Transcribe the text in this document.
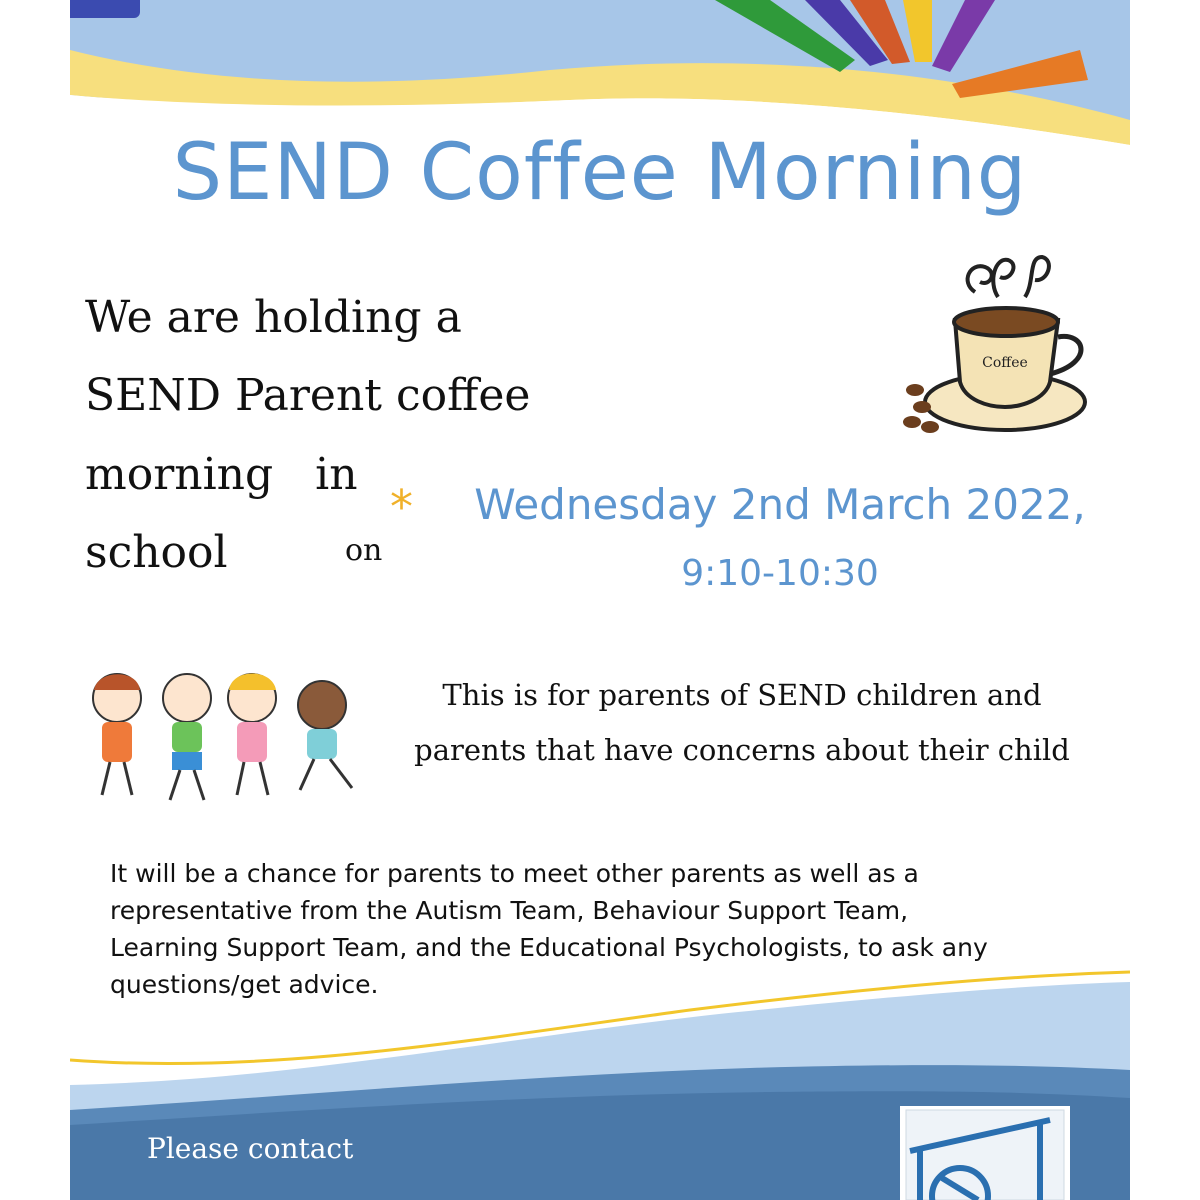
SEND Coffee Morning
We are holding a
SEND Parent coffee
morning   in
school	on
* Wednesday 2nd March 2022,
9:10-10:30
Coffee
This is for parents of SEND children and
parents that have concerns about their child
It will be a chance for parents to meet other parents as well as a
representative from the Autism Team, Behaviour Support Team,
Learning Support Team, and the Educational Psychologists, to ask any
questions/get advice.
Please contact
